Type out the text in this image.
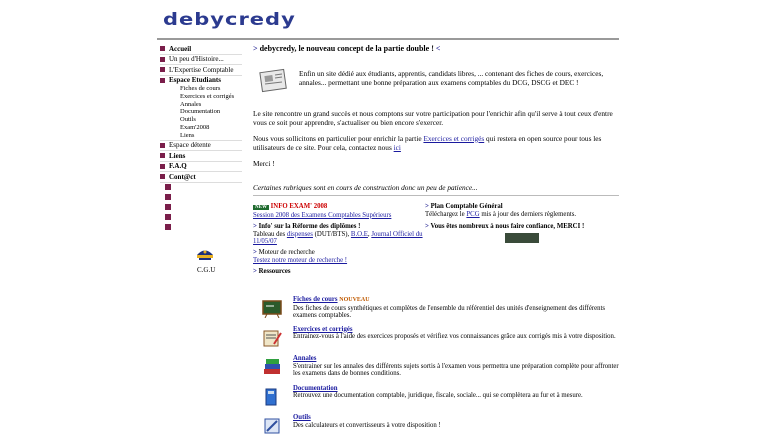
debycredy
Accueil
Un peu d'Histoire...
L'Expertise Comptable
Espace Etudiants
Fiches de cours
Exercices et corrigés
Annales
Documentation
Outils
Exam'2008
Liens
Espace détente
Liens
F.A.Q
Cont@ct
C.G.U
> debycredy, le nouveau concept de la partie double ! <

Enfin un site dédié aux étudiants, apprentis, candidats libres, ... contenant des fiches de cours, exercices, annales... permettant une bonne préparation aux examens comptables du DCG, DSCG et DEC !

Le site rencontre un grand succès et nous comptons sur votre participation pour l'enrichir afin qu'il serve à tout ceux d'entre vous ce soit pour apprendre, s'actualiser ou bien encore s'exercer.

Nous vous sollicitons en particulier pour enrichir la partie Exercices et corrigés qui restera en open source pour tous les utilisateurs de ce site. Pour cela, contactez nous ici

Merci !

Certaines rubriques sont en cours de construction donc un peu de patience...
NEW INFO EXAM' 2008
Session 2008 des Examens Comptables Supérieurs
> Info' sur la Réforme des diplômes !
Tableau des dispenses (DUT/BTS), B.O.E, Journal Officiel du 11/05/07
> Moteur de recherche
Testez notre moteur de recherche !
> Plan Comptable Général
Téléchargez le PCG mis à jour des derniers règlements.
> Vous êtes nombreux à nous faire confiance, MERCI !
> Ressources
Fiches de cours NOUVEAU
Des fiches de cours synthétiques et complètes de l'ensemble du référentiel des unités d'enseignement des différents examens comptables.
Exercices et corrigés
Entrainez-vous à l'aide des exercices proposés et vérifiez vos connaissances grâce aux corrigés mis à votre disposition.
Annales
S'entrainer sur les annales des différents sujets sortis à l'examen vous permettra une préparation complète pour affronter les examens dans de bonnes conditions.
Documentation
Retrouvez une documentation comptable, juridique, fiscale, sociale... qui se complètera au fur et à mesure.
Outils
Des calculateurs et convertisseurs à votre disposition !
